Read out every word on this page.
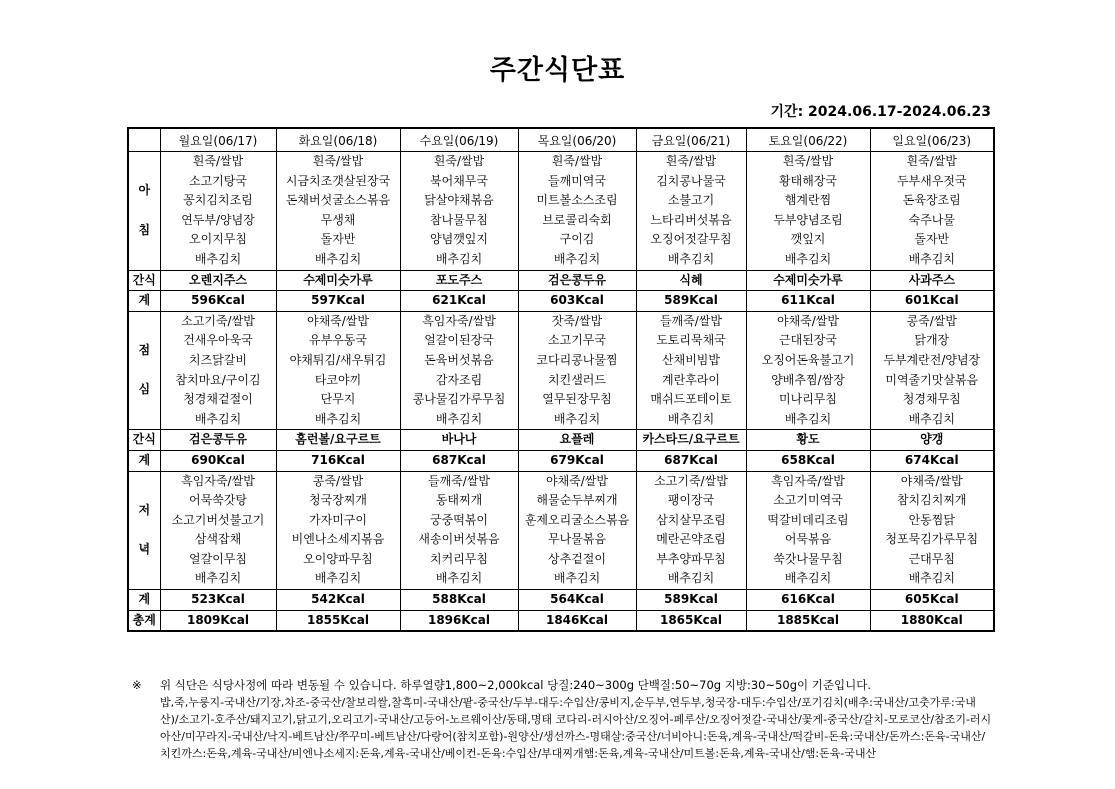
주간식단표
기간: 2024.06.17-2024.06.23
	월요일(06/17)	화요일(06/18)	수요일(06/19)	목요일(06/20)	금요일(06/21)	토요일(06/22)	일요일(06/23)
아

침	흰죽/쌀밥	흰죽/쌀밥	흰죽/쌀밥	흰죽/쌀밥	흰죽/쌀밥	흰죽/쌀밥	흰죽/쌀밥
	소고기탕국	시금치조갯살된장국	북어채무국	들깨미역국	김치콩나물국	황태해장국	두부새우젓국
	꽁치김치조림	돈채버섯굴소스볶음	닭살야채볶음	미트볼소스조림	소불고기	햄계란찜	돈육장조림
	연두부/양념장	무생채	참나물무침	브로콜리숙회	느타리버섯볶음	두부양념조림	숙주나물
	오이지무침	돌자반	양념깻잎지	구이김	오징어젓갈무침	깻잎지	돌자반
	배추김치	배추김치	배추김치	배추김치	배추김치	배추김치	배추김치
간식	오렌지주스	수제미숫가루	포도주스	검은콩두유	식혜	수제미숫가루	사과주스
계	596Kcal	597Kcal	621Kcal	603Kcal	589Kcal	611Kcal	601Kcal
점

심	소고기죽/쌀밥	야채죽/쌀밥	흑임자죽/쌀밥	잣죽/쌀밥	들깨죽/쌀밥	야채죽/쌀밥	콩죽/쌀밥
	건새우아욱국	유부우동국	얼갈이된장국	소고기무국	도토리묵채국	근대된장국	닭개장
	치즈닭갈비	야채튀김/새우튀김	돈육버섯볶음	코다리콩나물찜	산채비빔밥	오징어돈육불고기	두부계란전/양념장
	참치마요/구이김	타코야끼	감자조림	치킨샐러드	계란후라이	양배추찜/쌈장	미역줄기맛살볶음
	청경채겉절이	단무지	콩나물김가루무침	열무된장무침	매쉬드포테이토	미나리무침	청경채무침
	배추김치	배추김치	배추김치	배추김치	배추김치	배추김치	배추김치
간식	검은콩두유	홈런볼/요구르트	바나나	요플레	카스타드/요구르트	황도	양갱
계	690Kcal	716Kcal	687Kcal	679Kcal	687Kcal	658Kcal	674Kcal
저

녁	흑임자죽/쌀밥	콩죽/쌀밥	들깨죽/쌀밥	야채죽/쌀밥	소고기죽/쌀밥	흑임자죽/쌀밥	야채죽/쌀밥
	어묵쑥갓탕	청국장찌개	동태찌개	해물순두부찌개	팽이장국	소고기미역국	참치김치찌개
	소고기버섯불고기	가자미구이	궁중떡볶이	훈제오리굴소스볶음	삼치살무조림	떡갈비데리조림	안동찜닭
	삼색잡채	비엔나소세지볶음	새송이버섯볶음	무나물볶음	메란곤약조림	어묵볶음	청포묵김가루무침
	얼갈이무침	오이양파무침	치커리무침	상추겉절이	부추양파무침	쑥갓나물무침	근대무침
	배추김치	배추김치	배추김치	배추김치	배추김치	배추김치	배추김치
계	523Kcal	542Kcal	588Kcal	564Kcal	589Kcal	616Kcal	605Kcal
총계	1809Kcal	1855Kcal	1896Kcal	1846Kcal	1865Kcal	1885Kcal	1880Kcal
※	위 식단은 식당사정에 따라 변동될 수 있습니다. 하루열량1,800~2,000kcal 당질:240~300g 단백질:50~70g 지방:30~50g이 기준입니다.
밥,죽,누룽지-국내산/기장,차조-중국산/찰보리쌀,찰흑미-국내산/팥-중국산/두부-대두:수입산/콩비지,순두부,연두부,청국장-대두:수입산/포기김치(배추:국내산/고춧가루:국내산)/소고기-호주산/돼지고기,닭고기,오리고기-국내산/고등어-노르웨이산/동태,명태 코다리-러시아산/오징어-페루산/오징어젓갈-국내산/꽃게-중국산/갈치-모로코산/참조기-러시아산/미꾸라지-국내산/낙지-베트남산/쭈꾸미-베트남산/다랑어(참치포함)-원양산/생선까스-명태살:중국산/너비아니:돈육,계육-국내산/떡갈비-돈육:국내산/돈까스:돈육-국내산/치킨까스:돈육,계육-국내산/비엔나소세지:돈육,계육-국내산/베이컨-돈육:수입산/부대찌개햄:돈육,계육-국내산/미트볼:돈육,계육-국내산/햄:돈육-국내산
